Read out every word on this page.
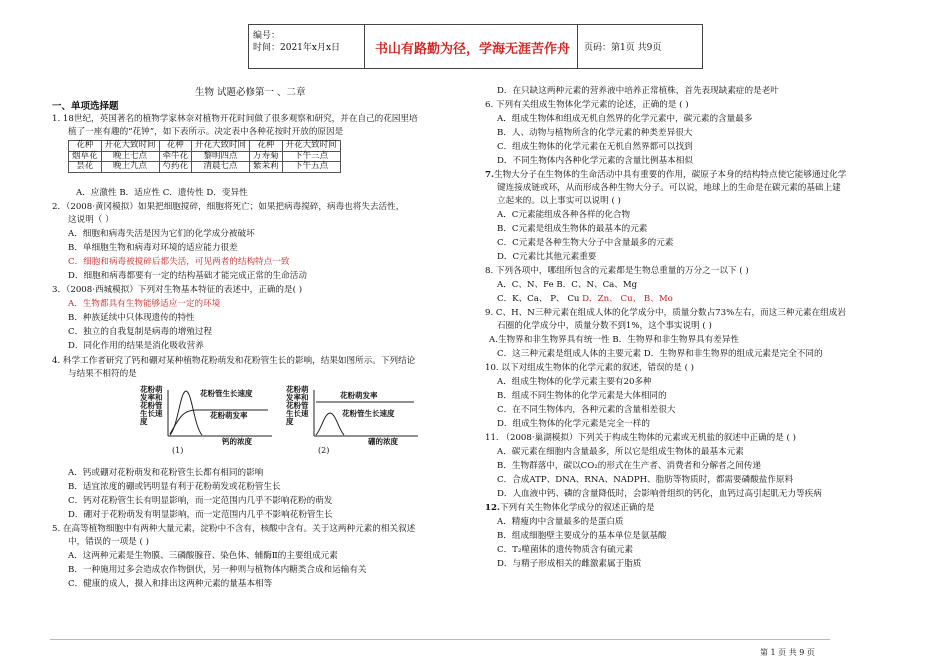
编号：
时间：2021年x月x日	书山有路勤为径，学海无涯苦作舟 页码：第1页 共9页
生物 试题必修第一 、二章
一、单项选择题
1. 18世纪，英国著名的植物学家林奈对植物开花时间做了很多观察和研究，并在自己的花园里培
植了一座有趣的“花钟”，如下表所示。决定表中各种花按时开放的原因是
A．应激性 B．适应性 C．遗传性 D．变异性
2．（2008·黄冈模拟）如果把细胞搅碎，细胞将死亡；如果把病毒搅碎，病毒也将失去活性，
这说明（ ）
A．细胞和病毒失活是因为它们的化学成分被破坏
B．单细胞生物和病毒对环境的适应能力很差
C．细胞和病毒被搅碎后都失活，可见两者的结构特点一致
D．细胞和病毒都要有一定的结构基础才能完成正常的生命活动
3．（2008·西城模拟）下列对生物基本特征的表述中，正确的是( )
A．生物都具有生物能够适应一定的环境
B．种族延续中只体现遗传的特性
C．独立的自我复制是病毒的增殖过程
D．同化作用的结果是消化吸收营养
4. 科学工作者研究了钙和硼对某种植物花粉萌发和花粉管生长的影响，结果如图所示。下列结论
与结果不相符的是
A．钙或硼对花粉萌发和花粉管生长都有相同的影响
B．适宜浓度的硼或钙明显有利于花粉萌发或花粉管生长
C．钙对花粉管生长有明显影响，而一定范围内几乎不影响花粉的萌发
D．硼对于花粉萌发有明显影响，而一定范围内几乎不影响花粉管生长
5. 在高等植物细胞中有两种大量元素，淀粉中不含有，核酸中含有。关于这两种元素的相关叙述
中，错误的一项是 ( )
A．这两种元素是生物膜、三磷酸腺苷、染色体、辅酶Ⅱ的主要组成元素
B．一种施用过多会造成农作物倒伏，另一种则与植物体内糖类合成和运输有关
C．健康的成人，摄入和排出这两种元素的量基本相等
D．在只缺这两种元素的营养液中培养正常植株，首先表现缺素症的是老叶
6. 下列有关组成生物体化学元素的论述，正确的是 ( )
A．组成生物体和组成无机自然界的化学元素中，碳元素的含量最多
B．人、动物与植物所含的化学元素的种类差异很大
C．组成生物体的化学元素在无机自然界都可以找到
D．不同生物体内各种化学元素的含量比例基本相似
7.生物大分子在生物体的生命活动中具有重要的作用，碳原子本身的结构特点使它能够通过化学
键连接成链或环，从而形成各种生物大分子。可以说，地球上的生命是在碳元素的基础上建
立起来的。以上事实可以说明 ( )
A．C元素能组成各种各样的化合物
B．C元素是组成生物体的最基本的元素
C．C元素是各种生物大分子中含量最多的元素
D．C元素比其他元素重要
8. 下列各项中，哪组所包含的元素都是生物总重量的万分之一以下 ( )
A．C、N、Fe B．C、N、Ca、Mg
C．K、Ca、 P、 Cu D．Zn、 Cu、 B、Mo
9. C、H、N三种元素在组成人体的化学成分中，质量分数占73%左右，而这三种元素在组成岩
石圈的化学成分中，质量分数不到1%，这个事实说明 ( )
A.生物界和非生物界具有统一性 B．生物界和非生物界具有差异性
C．这三种元素是组成人体的主要元素 D．生物界和非生物界的组成元素是完全不同的
10. 以下对组成生物体的化学元素的叙述，错误的是 ( )
A．组成生物体的化学元素主要有20多种
B．组成不同生物体的化学元素是大体相同的
C．在不同生物体内，各种元素的含量相差很大
D．组成生物体的化学元素是完全一样的
11. （2008·巢湖模拟）下列关于构成生物体的元素或无机盐的叙述中正确的是 ( )
A．碳元素在细胞内含量最多，所以它是组成生物体的最基本元素
B．生物群落中，碳以CO₂的形式在生产者、消费者和分解者之间传递
C．合成ATP、DNA、RNA、NADPH、脂肪等物质时，都需要磷酸盐作原料
D．人血液中钙、磷的含量降低时，会影响骨组织的钙化，血钙过高引起肌无力等疾病
12.下列有关生物体化学成分的叙述正确的是
A．精瘦肉中含量最多的是蛋白质
B．组成细胞壁主要成分的基本单位是氨基酸
C．T₂噬菌体的遗传物质含有硫元素
D．与精子形成相关的雌激素属于脂质
花种	开花大致时间	花种	开花大致时间	花种	开花大致时间
烟草花	晚上七点	牵牛花	黎明四点	万寿菊	下午三点
昙花	晚上九点	芍药花	清晨七点	紫茉莉	下午五点
花粉萌
发率和
花粉管
生长速
度
花粉管生长速度
花粉萌发率
钙的浓度
(1)
花粉萌
发率和
花粉管
生长速
度
花粉萌发率
花粉管生长速度
硼的浓度
(2)
第 1 页 共 9 页
